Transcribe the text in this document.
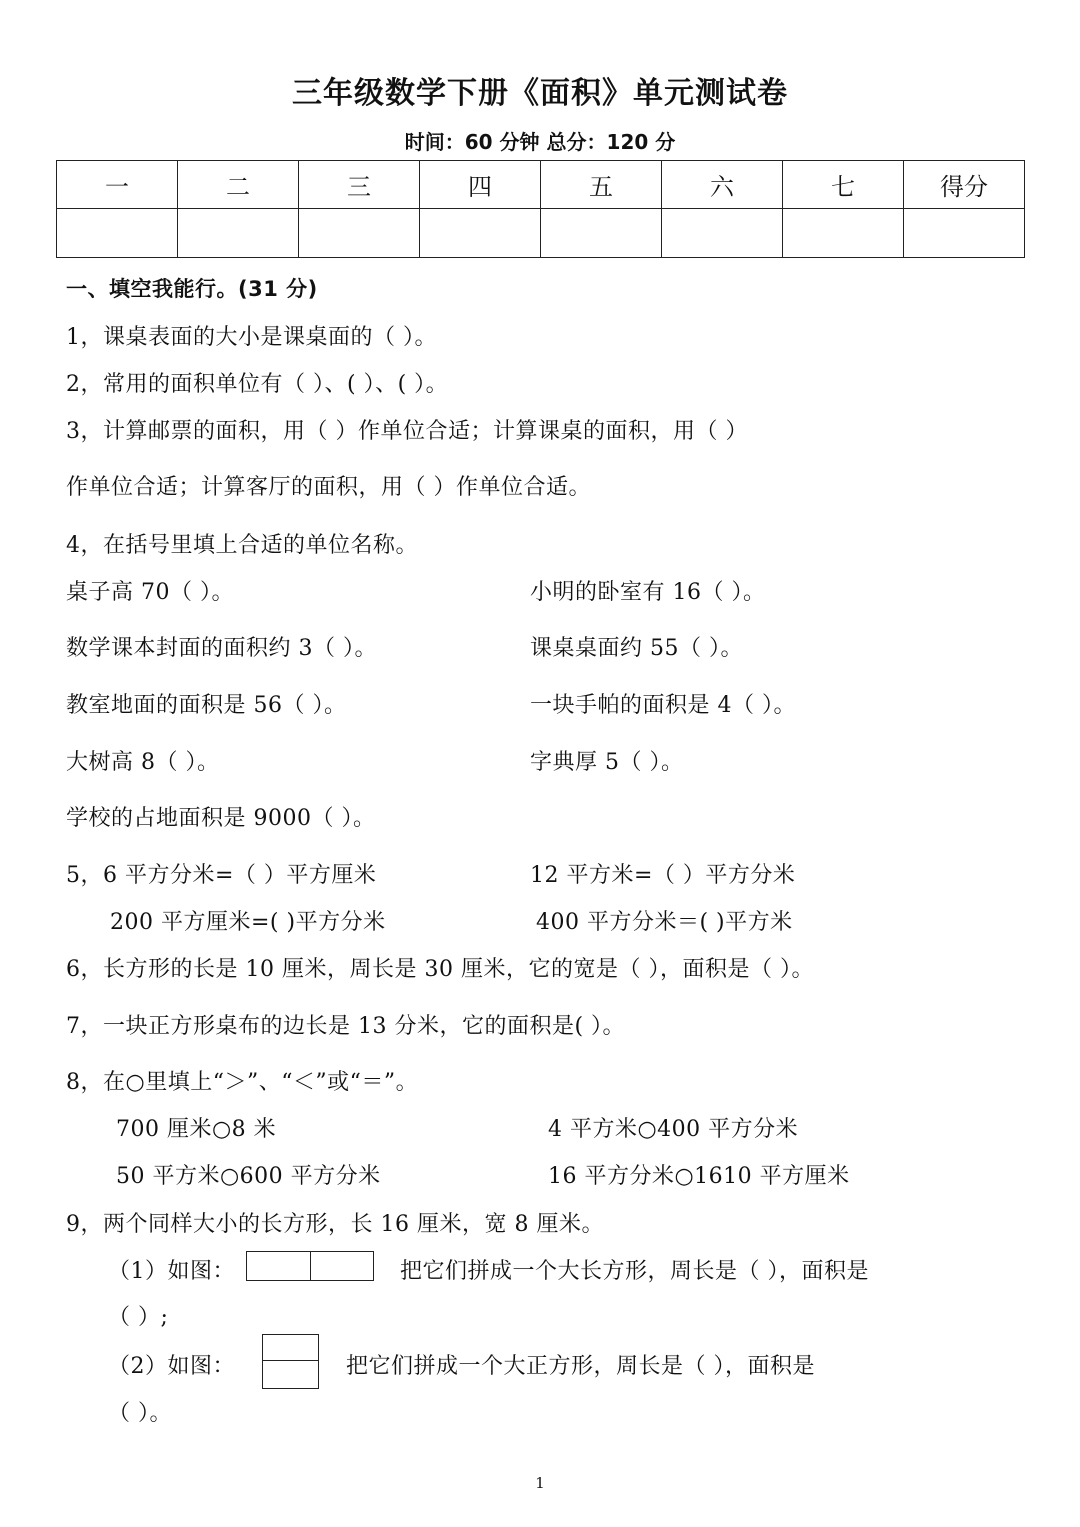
三年级数学下册《面积》单元测试卷
时间：60 分钟 总分：120 分
一	二	三	四	五	六	七	得分

一、填空我能行。(31 分)
1，课桌表面的大小是课桌面的（ ）。
2，常用的面积单位有（ ）、( ）、( ）。
3，计算邮票的面积，用（ ）作单位合适；计算课桌的面积，用（ ）
作单位合适；计算客厅的面积，用（ ）作单位合适。
4，在括号里填上合适的单位名称。
桌子高 70（ ）。	小明的卧室有 16（ ）。
数学课本封面的面积约 3（ ）。	课桌桌面约 55（ ）。
教室地面的面积是 56（ ）。	一块手帕的面积是 4（ ）。
大树高 8（ ）。	字典厚 5（ ）。
学校的占地面积是 9000（ ）。
5，6 平方分米=（ ）平方厘米	12 平方米=（ ）平方分米
200 平方厘米=( )平方分米	400 平方分米＝( )平方米
6，长方形的长是 10 厘米，周长是 30 厘米，它的宽是（ ），面积是（ ）。
7，一块正方形桌布的边长是 13 分米，它的面积是( ）。
8，在○里填上“＞”、“＜”或“＝”。
700 厘米○8 米	4 平方米○400 平方分米
50 平方米○600 平方分米	16 平方分米○1610 平方厘米
9，两个同样大小的长方形，长 16 厘米，宽 8 厘米。
（1）如图：	把它们拼成一个大长方形，周长是（ ），面积是
（ ）;
（2）如图：	把它们拼成一个大正方形，周长是（ ），面积是
（ ）。
1
